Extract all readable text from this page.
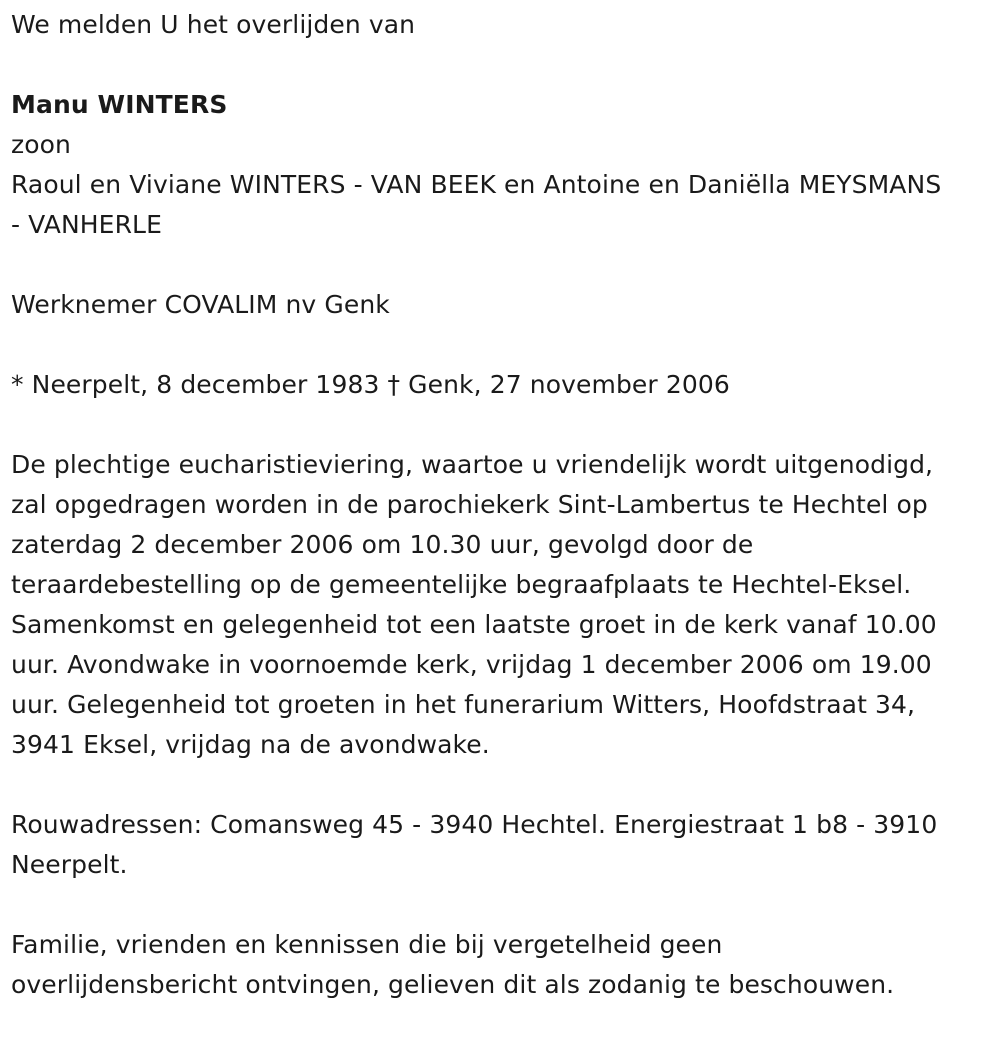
We melden U het overlijden van
Manu WINTERS
zoon
Raoul en Viviane WINTERS - VAN BEEK en Antoine en Daniëlla MEYSMANS
- VANHERLE
Werknemer COVALIM nv Genk
* Neerpelt, 8 december 1983 † Genk, 27 november 2006
De plechtige eucharistieviering, waartoe u vriendelijk wordt uitgenodigd,
zal opgedragen worden in de parochiekerk Sint-Lambertus te Hechtel op
zaterdag 2 december 2006 om 10.30 uur, gevolgd door de
teraardebestelling op de gemeentelijke begraafplaats te Hechtel-Eksel.
Samenkomst en gelegenheid tot een laatste groet in de kerk vanaf 10.00
uur. Avondwake in voornoemde kerk, vrijdag 1 december 2006 om 19.00
uur. Gelegenheid tot groeten in het funerarium Witters, Hoofdstraat 34,
3941 Eksel, vrijdag na de avondwake.
Rouwadressen: Comansweg 45 - 3940 Hechtel. Energiestraat 1 b8 - 3910
Neerpelt.
Familie, vrienden en kennissen die bij vergetelheid geen
overlijdensbericht ontvingen, gelieven dit als zodanig te beschouwen.
